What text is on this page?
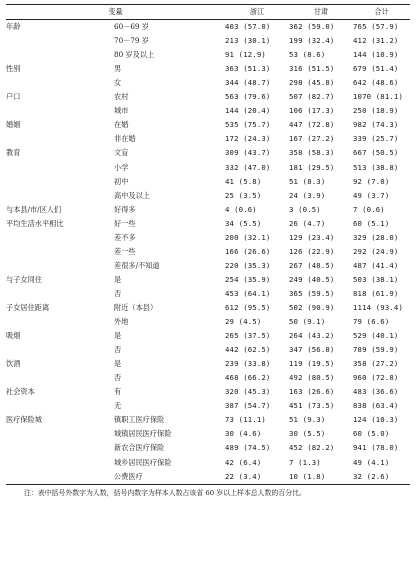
变量		浙江	甘肃	合计
年龄	60－69 岁	403 (57.0)	362 (59.0)	765 (57.9)
	70－79 岁	213 (30.1)	199 (32.4)	412 (31.2)
	80 岁及以上	91 (12.9)	53 (8.6)	144 (10.9)
性别	男	363 (51.3)	316 (51.5)	679 (51.4)
	女	344 (48.7)	298 (45.8)	642 (48.6)
户口	农村	563 (79.6)	507 (82.7)	1070 (81.1)
	城市	144 (20.4)	106 (17.3)	250 (18.9)
婚姻	在婚	535 (75.7)	447 (72.8)	982 (74.3)
	非在婚	172 (24.3)	167 (27.2)	339 (25.7)
教育	文盲	309 (43.7)	358 (58.3)	667 (50.5)
	小学	332 (47.0)	181 (29.5)	513 (38.8)
	初中	41 (5.8)	51 (8.3)	92 (7.0)
	高中及以上	25 (3.5)	24 (3.9)	49 (3.7)
与本县/市/区人们	好得多	4 (0.6)	3 (0.5)	7 (0.6)
平均生活水平相比	好一些	34 (5.5)	26 (4.7)	60 (5.1)
	差不多	200 (32.1)	129 (23.4)	329 (28.0)
	差一些	166 (26.6)	126 (22.9)	292 (24.9)
	差很多/不知道	220 (35.3)	267 (48.5)	487 (41.4)
与子女同住	是	254 (35.9)	249 (40.5)	503 (38.1)
	否	453 (64.1)	365 (59.5)	818 (61.9)
子女居住距离	附近（本县）	612 (95.5)	502 (90.9)	1114 (93.4)
	外地	29 (4.5)	50 (9.1)	79 (6.6)
吸烟	是	265 (37.5)	264 (43.2)	529 (40.1)
	否	442 (62.5)	347 (56.8)	789 (59.9)
饮酒	是	239 (33.8)	119 (19.5)	358 (27.2)
	否	468 (66.2)	492 (80.5)	960 (72.8)
社会资本	有	320 (45.3)	163 (26.6)	483 (36.6)
	无	387 (54.7)	451 (73.5)	838 (63.4)
医疗保险城	镇职工医疗保险	73 (11.1)	51 (9.3)	124 (10.3)
	城镇居民医疗保险	30 (4.6)	30 (5.5)	60 (5.0)
	新农合医疗保险	489 (74.5)	452 (82.2)	941 (78.0)
	城乡居民医疗保险	42 (6.4)	7 (1.3)	49 (4.1)
	公费医疗	22 (3.4)	10 (1.8)	32 (2.6)
注：表中括号外数字为人数，括号内数字为样本人数占该省 60 岁以上样本总人数的百分比。
